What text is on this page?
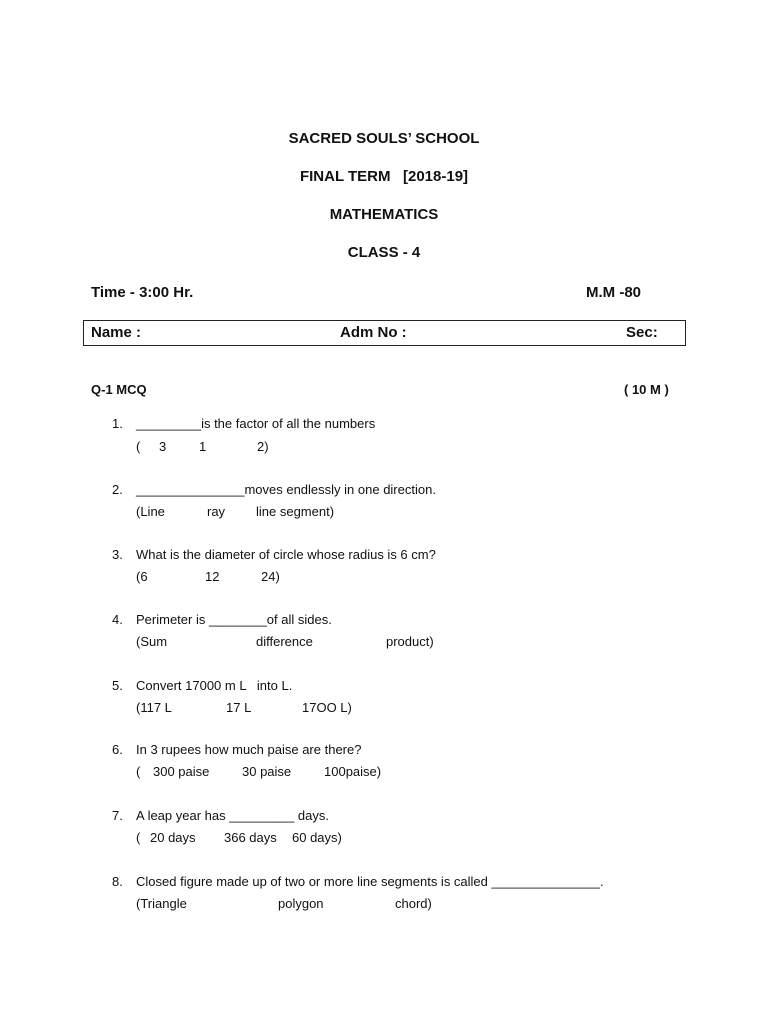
SACRED SOULS’ SCHOOL
FINAL TERM   [2018-19]
MATHEMATICS
CLASS - 4
Time - 3:00 Hr.	M.M -80
Name :	Adm No :	Sec:
Q-1 MCQ	( 10 M )
1.	_________is the factor of all the numbers
( 3	1	2)
2.	_______________moves endlessly in one direction.
(Line	ray line segment)
3.	What is the diameter of circle whose radius is 6 cm?
(6	12	24)
4.	Perimeter is ________of all sides.
(Sum	difference	product)
5.	Convert 17000 m L   into L.
(117 L	17 L	17OO L)
6.	In 3 rupees how much paise are there?
( 300 paise	30 paise	100paise)
7.	A leap year has _________ days.
( 20 days 366 days 60 days)
8.	Closed figure made up of two or more line segments is called _______________.
(Triangle	polygon	chord)
